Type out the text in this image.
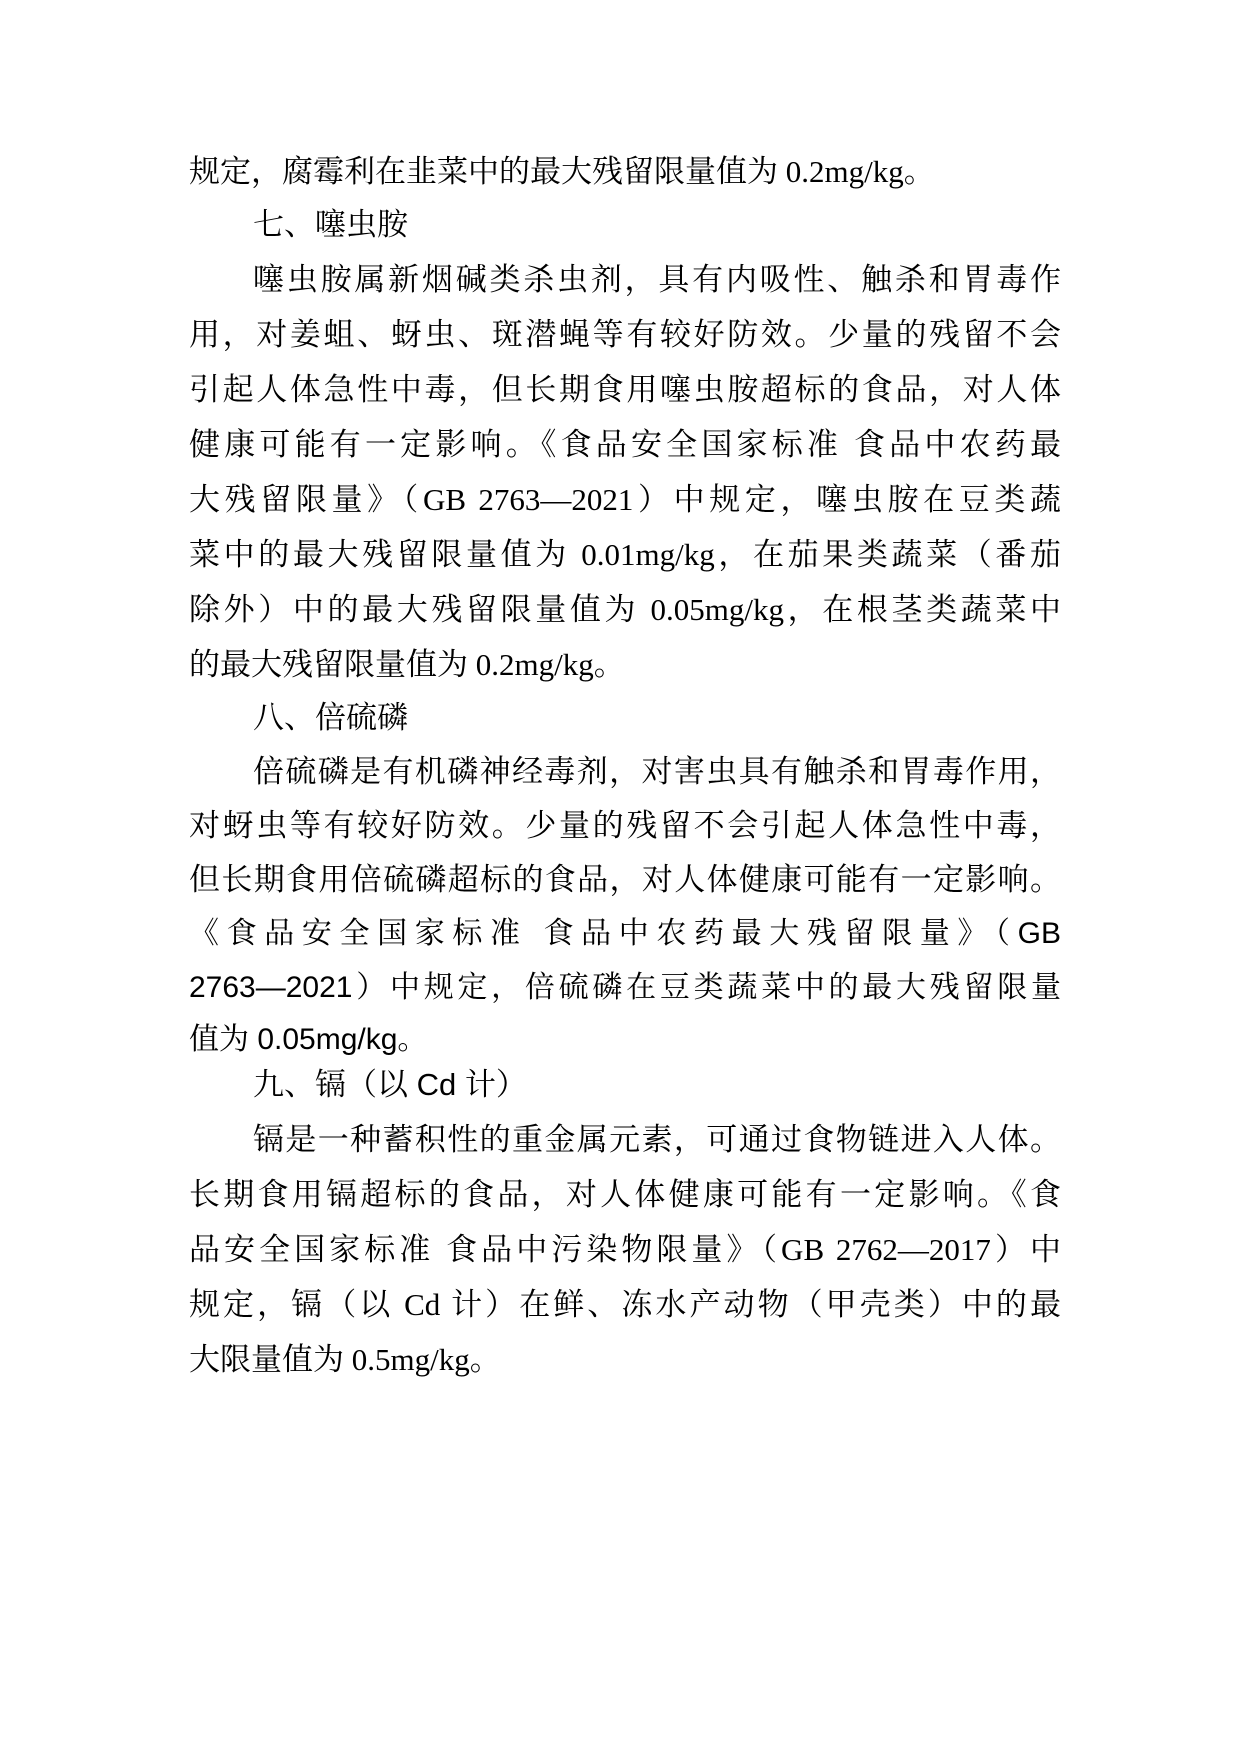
规定，腐霉利在韭菜中的最大残留限量值为 0.2mg/kg。
七、噻虫胺
噻虫胺属新烟碱类杀虫剂，具有内吸性、触杀和胃毒作
用，对姜蛆、蚜虫、斑潜蝇等有较好防效。少量的残留不会
引起人体急性中毒，但长期食用噻虫胺超标的食品，对人体
健康可能有一定影响。《食品安全国家标准 食品中农药最
大残留限量》（GB 2763—2021）中规定，噻虫胺在豆类蔬
菜中的最大残留限量值为 0.01mg/kg，在茄果类蔬菜（番茄
除外）中的最大残留限量值为 0.05mg/kg，在根茎类蔬菜中
的最大残留限量值为 0.2mg/kg。
八、倍硫磷
倍硫磷是有机磷神经毒剂，对害虫具有触杀和胃毒作用，
对蚜虫等有较好防效。少量的残留不会引起人体急性中毒，
但长期食用倍硫磷超标的食品，对人体健康可能有一定影响。
《食品安全国家标准 食品中农药最大残留限量》（GB
2763—2021）中规定，倍硫磷在豆类蔬菜中的最大残留限量
值为 0.05mg/kg。
九、镉（以 Cd 计）
镉是一种蓄积性的重金属元素，可通过食物链进入人体。
长期食用镉超标的食品，对人体健康可能有一定影响。《食
品安全国家标准 食品中污染物限量》（GB 2762—2017）中
规定，镉（以 Cd 计）在鲜、冻水产动物（甲壳类）中的最
大限量值为 0.5mg/kg。
